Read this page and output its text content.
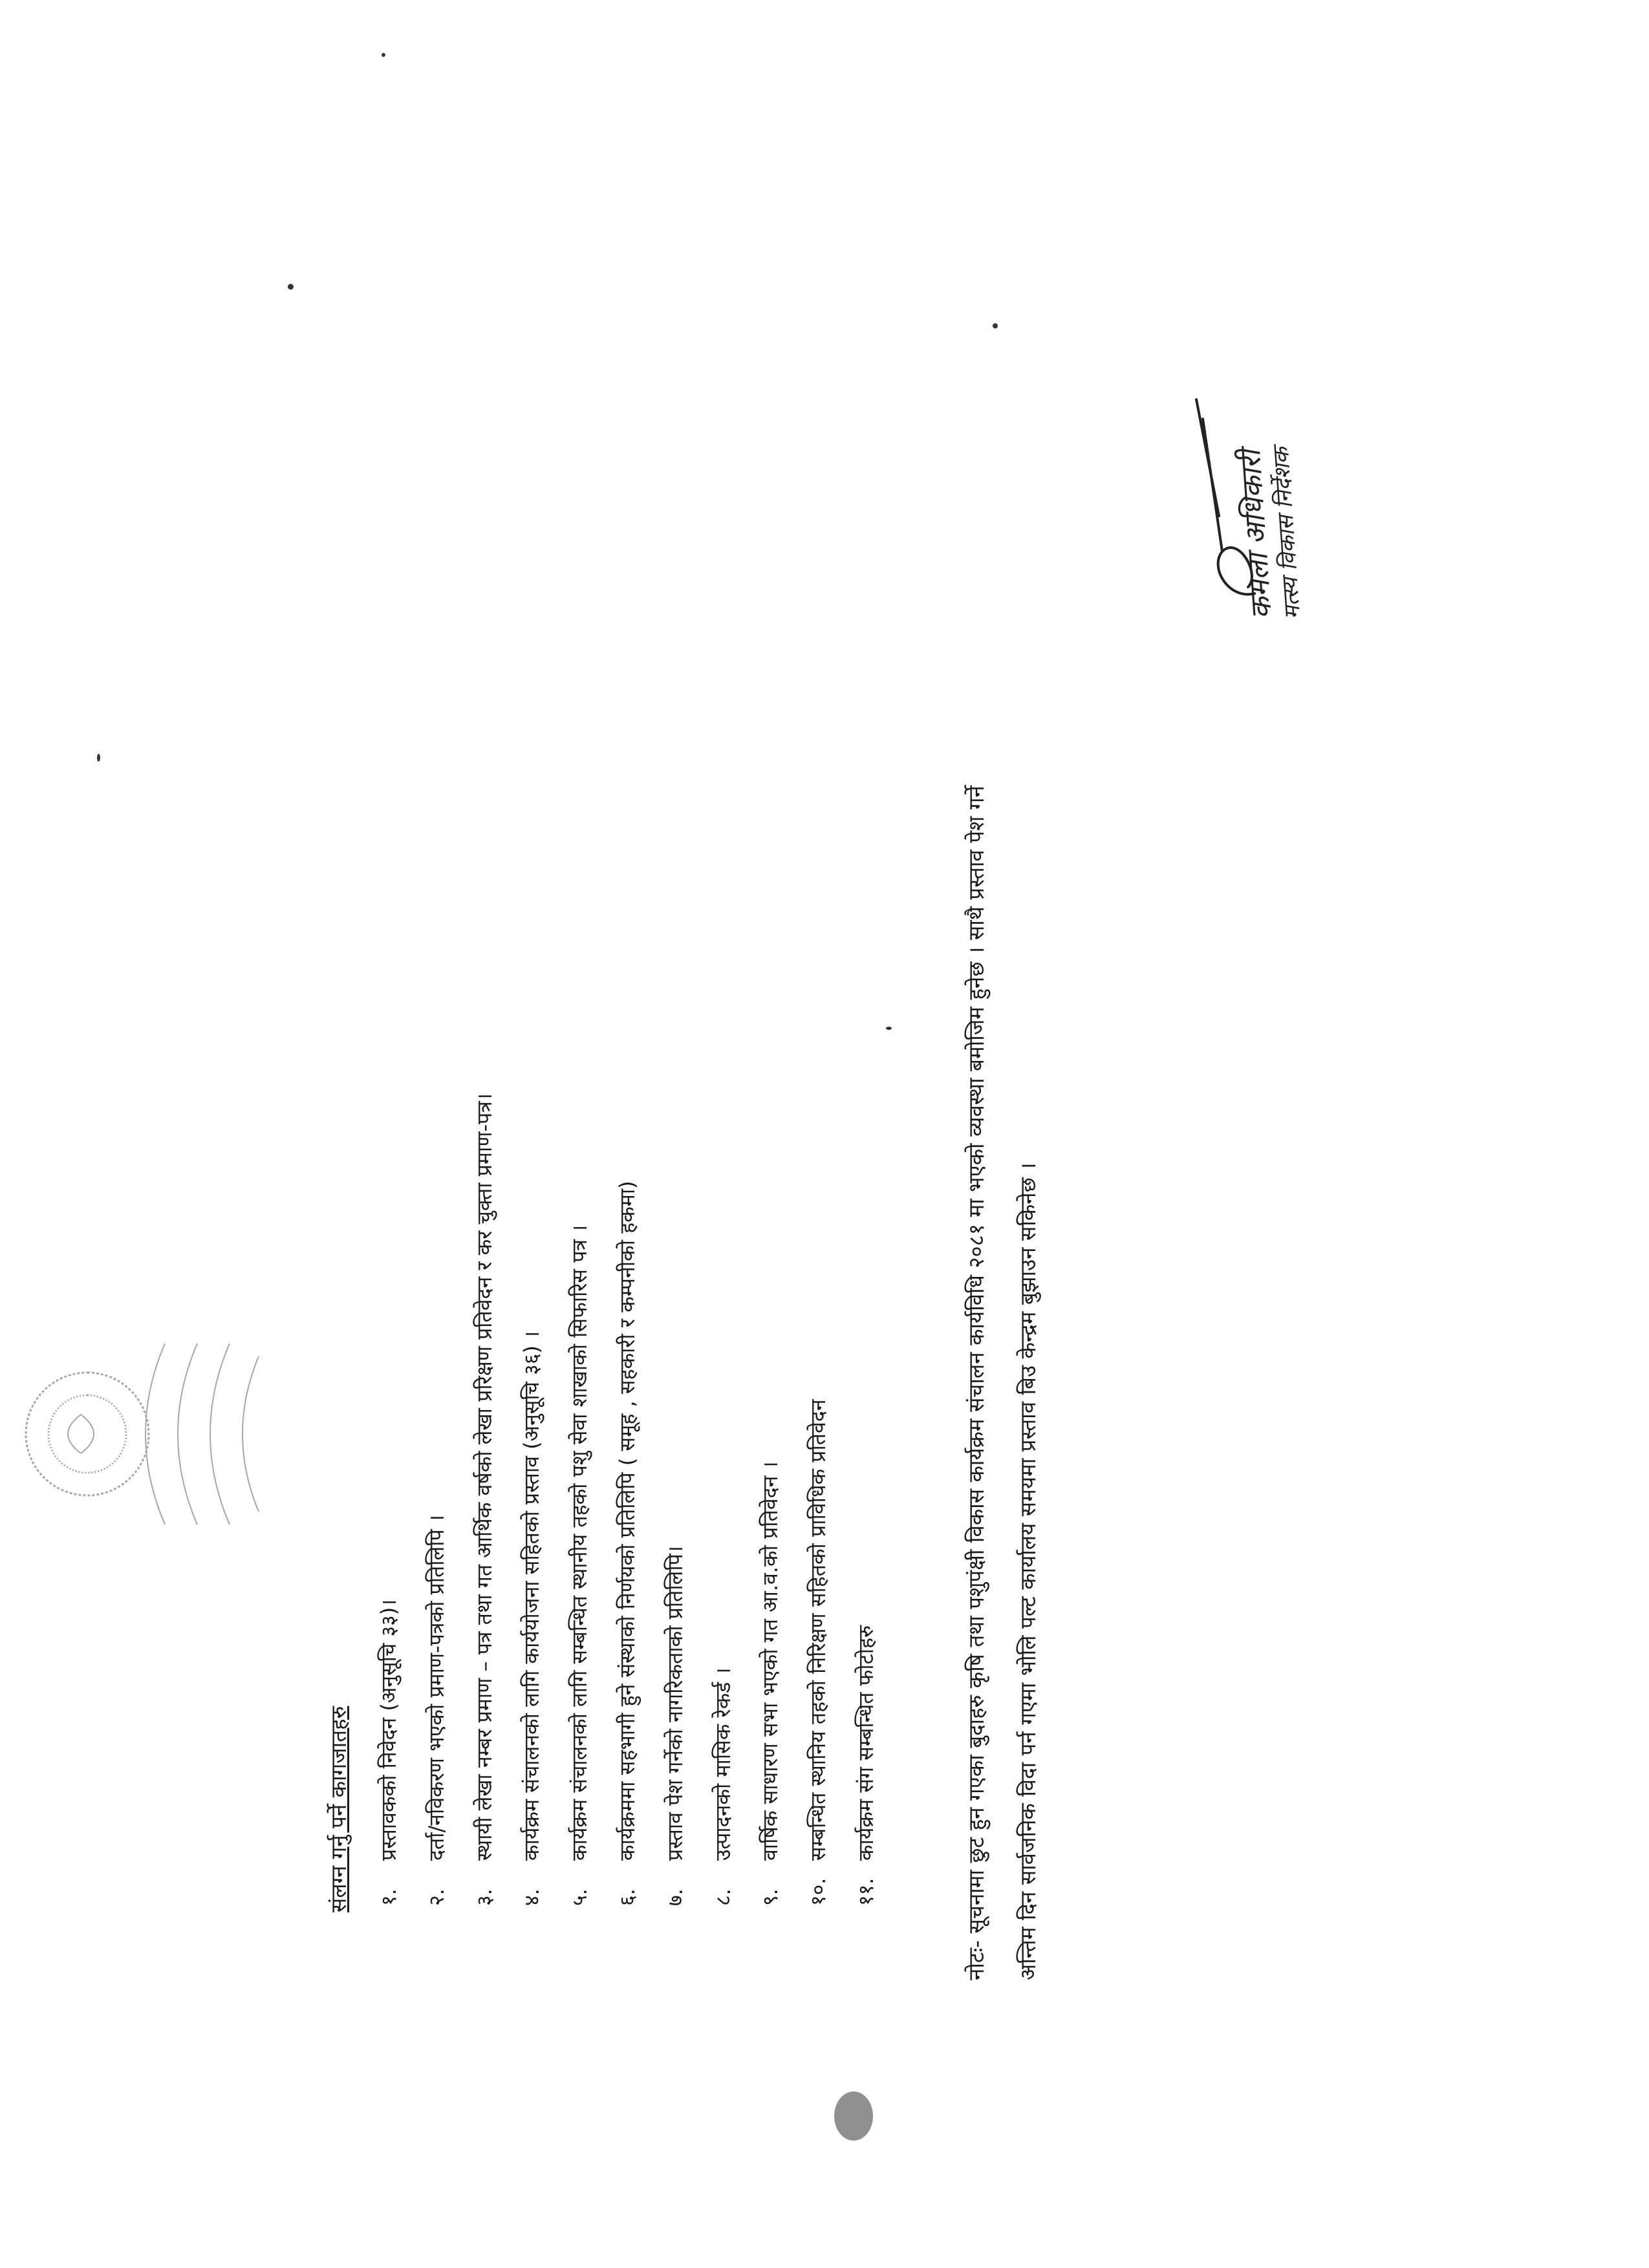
संलग्न गर्नु पर्ने कागजातहरु	१.
प्रस्तावकको निवेदन (अनुसूचि ३३)।
२.
दर्ता/नविकरण भएको प्रमाण-पत्रको प्रतिलिपि ।
३.
स्थायी लेखा नम्बर प्रमाण – पत्र तथा गत आर्थिक वर्षको लेखा प्ररिक्षण प्रतिवेदन र कर चुक्ता प्रमाण-पत्र।
४.
कार्यक्रम संचालनको लागि कार्ययोजना सहितको प्रस्ताव (अनुसूचि ३६) ।
५.
कार्यक्रम संचालनको लागि सम्बन्धित स्थानीय तहको पशु सेवा शाखाको सिफारिस पत्र ।
६.
कार्यक्रममा सहभागी हुने संस्थाको निर्णयको प्रतिलिपि ( समूह , सहकारी र कम्पनीको हकमा)
७.
प्रस्ताव पेश गर्नेको नागरिकताको प्रतिलिपि।
८.
उत्पादनको मासिक रेकर्ड ।
९.
वार्षिक साधारण सभा भएको गत आ.व.को प्रतिवेदन ।
१०.
सम्बन्धित स्थानिय तहको निरिक्षण सहितको प्राविधिक प्रतिवेदन
११.
कार्यक्रम संग सम्बन्धित फोटोहरु	नोटः- सूचनामा छुट हुन गएका बुदाहरु कृषि तथा पशुपंक्षी विकास कार्यक्रम संचालन कार्यविधि २०८१ मा भएको व्यवस्था बमोजिम हुनेछ । साथै प्रस्ताव पेश गर्ने	अन्तिम दिन सार्वजनिक विदा पर्न गएमा भोलि पल्ट कार्यालय समयमा प्रस्ताव बिउ केन्द्रम बुझाउन सकिनेछ ।
कमला अधिकारी
मत्स्य विकास निर्देशक
